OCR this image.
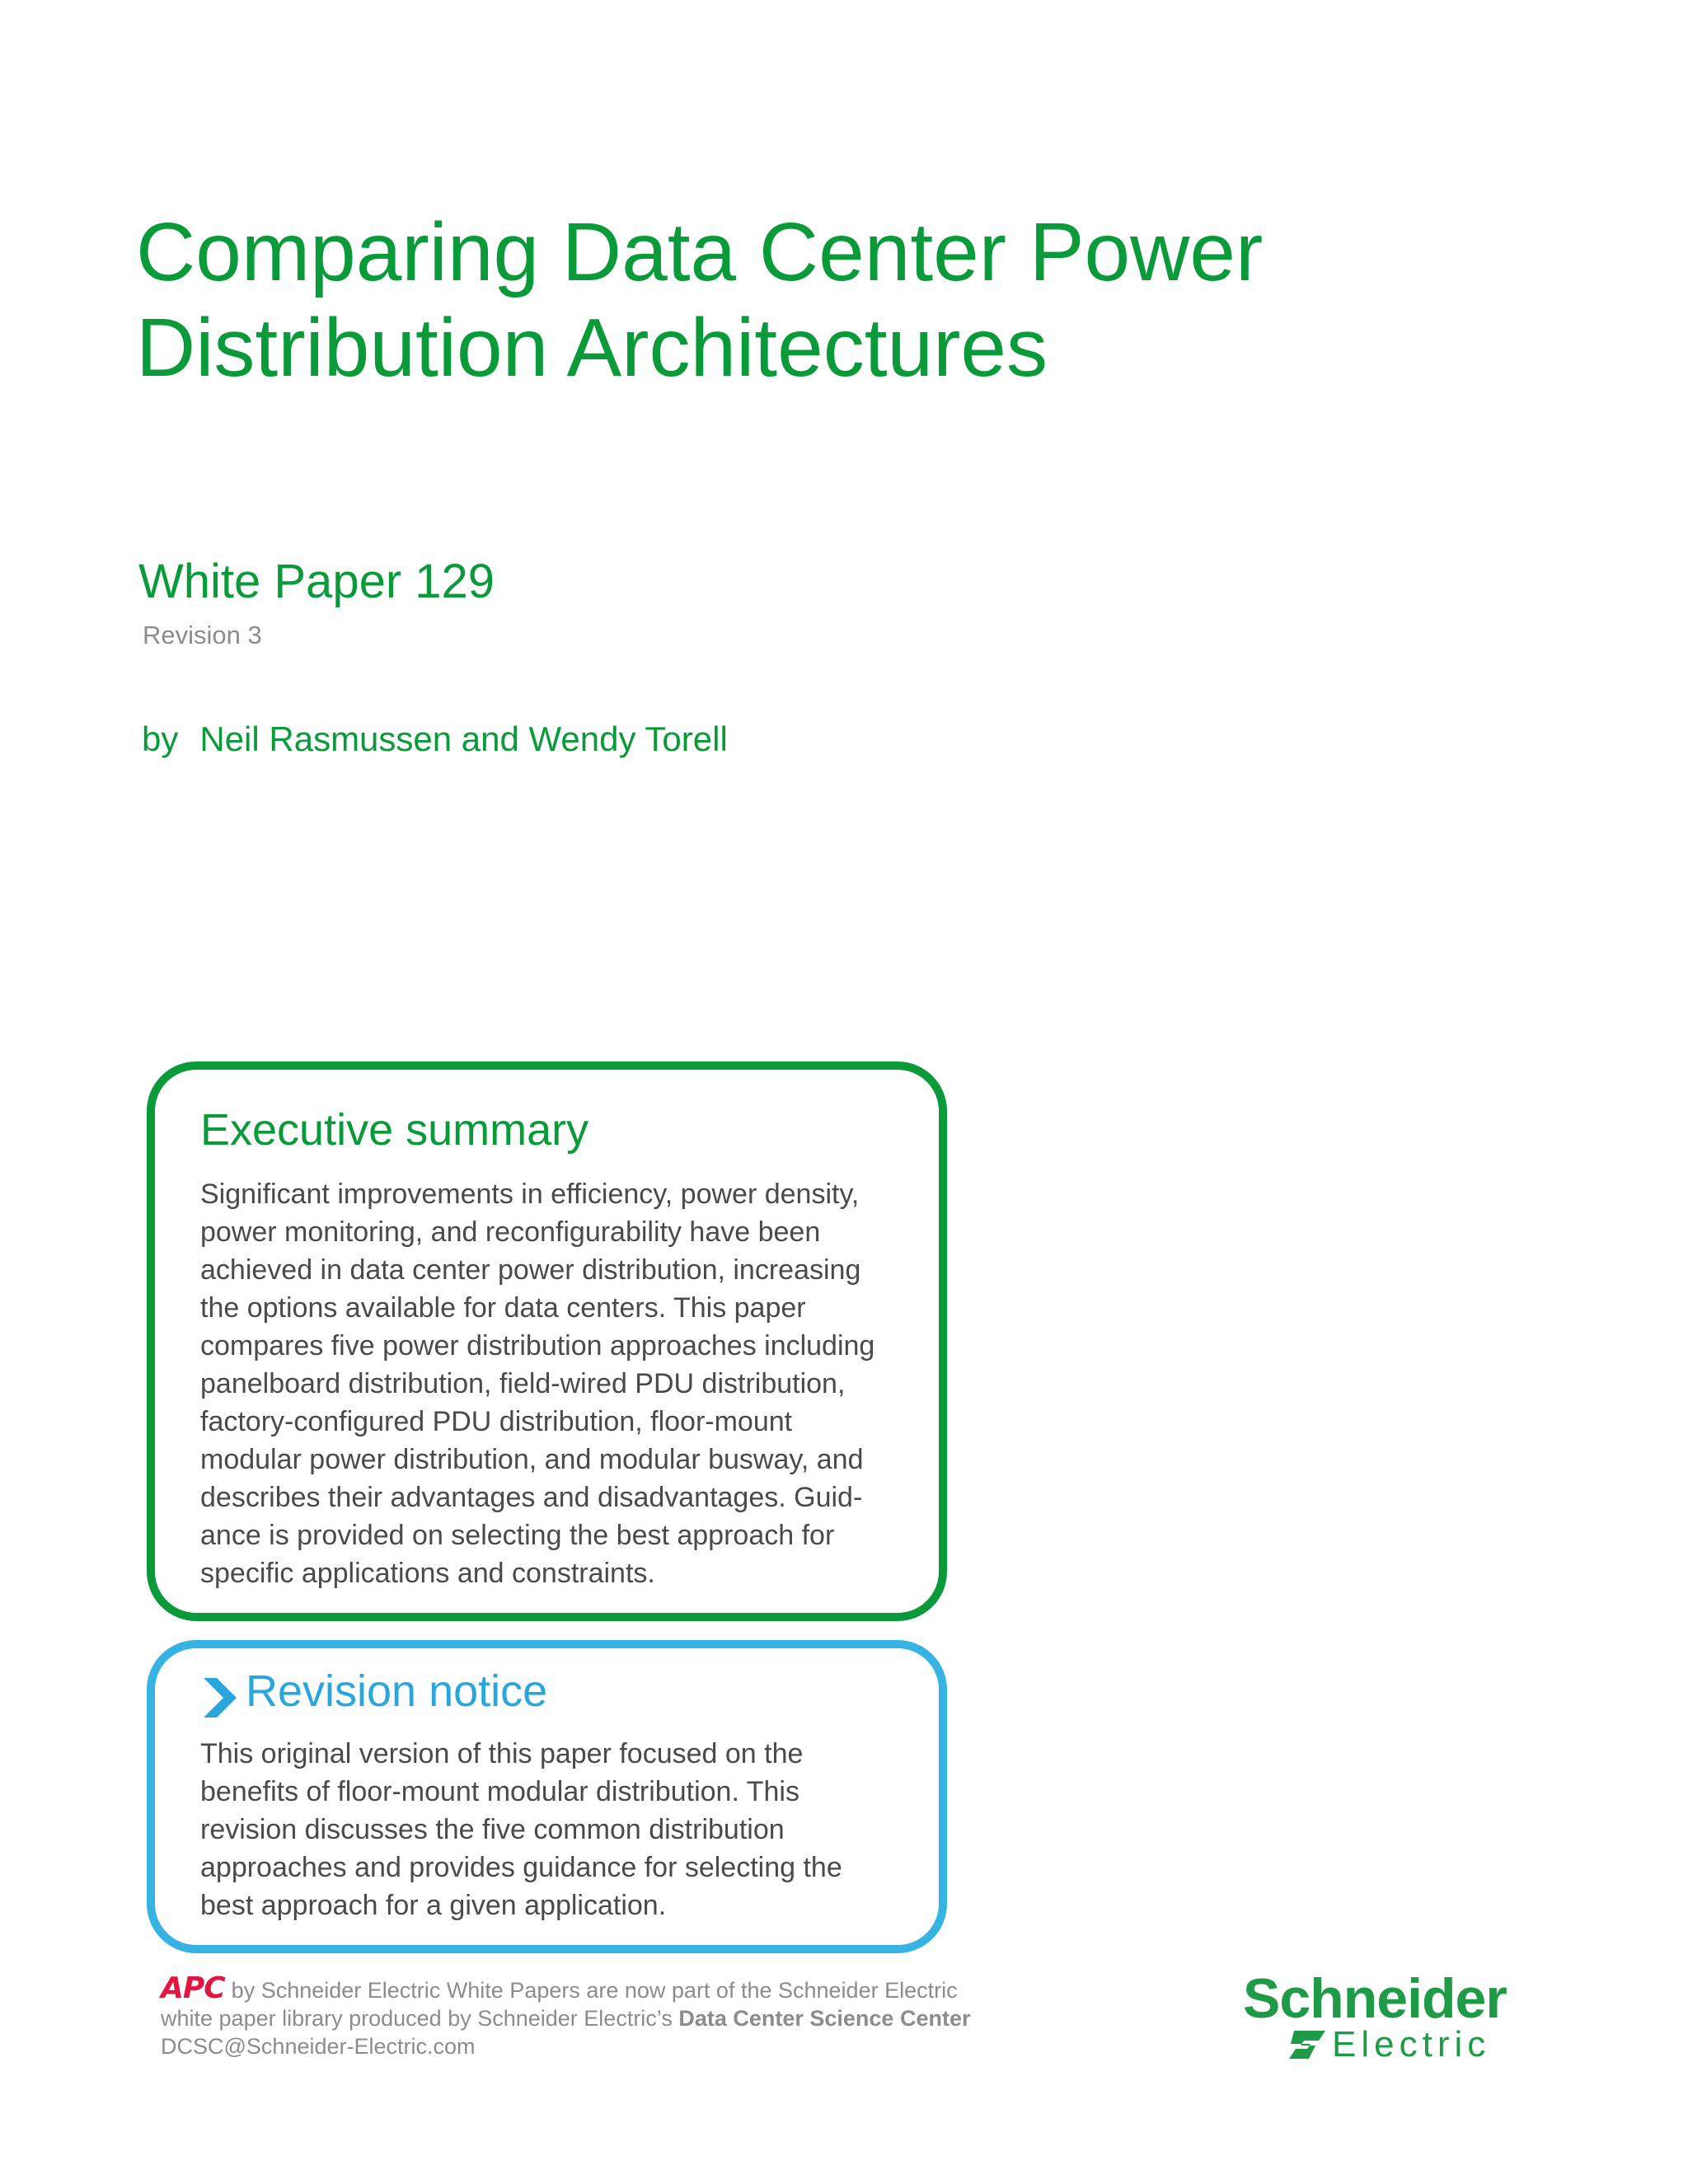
Comparing Data Center Power Distribution Architectures
White Paper 129
Revision 3
by Neil Rasmussen and Wendy Torell
Executive summary

Significant improvements in efficiency, power density,
power monitoring, and reconfigurability have been
achieved in data center power distribution, increasing
the options available for data centers. This paper
compares five power distribution approaches including
panelboard distribution, field-wired PDU distribution,
factory-configured PDU distribution, floor-mount
modular power distribution, and modular busway, and
describes their advantages and disadvantages. Guid-
ance is provided on selecting the best approach for
specific applications and constraints.

Revision notice

This original version of this paper focused on the
benefits of floor-mount modular distribution. This
revision discusses the five common distribution
approaches and provides guidance for selecting the
best approach for a given application.

APC by Schneider Electric White Papers are now part of the Schneider Electric
white paper library produced by Schneider Electric’s Data Center Science Center
DCSC@Schneider-Electric.com
Schneider
Electric
